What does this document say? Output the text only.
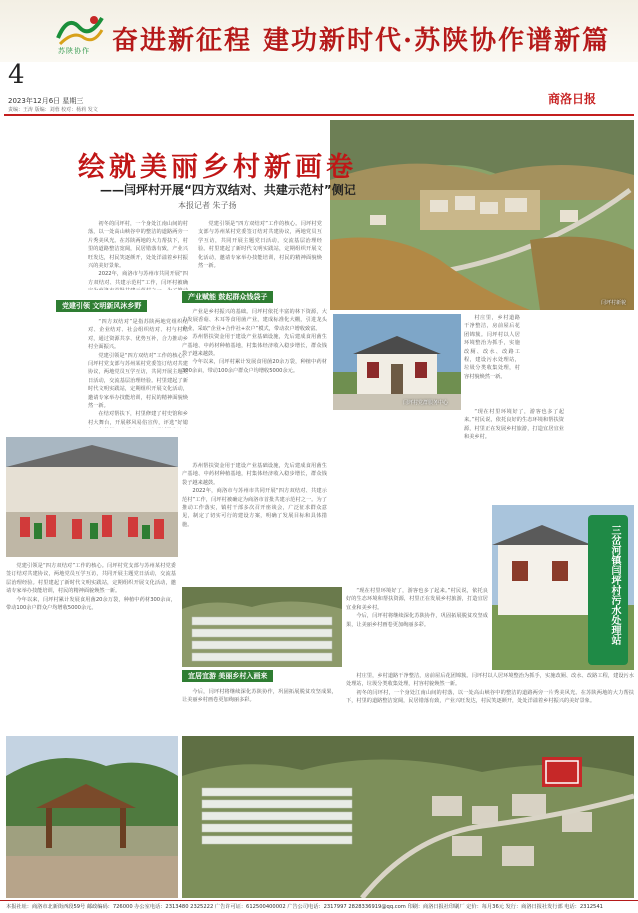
苏陕协作 奋进新征程 建功新时代·苏陕协作谱新篇
4
2023年12月6日 星期三
责编：王涛 版编：刘蓉 校对：杨莉 发文
商洛日报
闫坪村新貌
绘就美丽乡村新画卷
——闫坪村开展“四方双结对、共建示范村”侧记
本报记者 朱子扬

初冬的闫坪村，一个身处江南山间的村落，以一处高山峡谷中的整洁的道路两旁一片秀美风光。在苏陕两地的大力帮扶下，村里的道路整洁宽阔，民居错落有致，产业兴旺发达，村民笑逐颜开，处处洋溢着乡村振兴的美好景象。

2022年，商洛市与苏州市共同开展“四方双结对、共建示范村”工作，闫坪村被确

党建引领 文明新风沐乡野

“四方双结对”是指苏陕两地党组织结对、企业结对、社会组织结对、村与村结对，通过资源共享、优势互补，合力推动乡村全面振兴。

党建引领是“四方双结对”工作的核心。闫坪村党支部与苏州某村党委签订结对共建协议，两地党员互学互访，共同开展主题党日活动，交流基层治理经验。村里建起了新时代文明实践站，定期组织开展文化活动，邀请专家举办技能培训，村民的精神面貌焕然一新。

在结对帮扶下，村里修建了村史馆和乡村大舞台，开展移风易俗宣传，评选“好媳

党建引领是“四方双结对”工作的核心。闫坪村党支部与苏州某村党委签订结对共建协议，两地党员互学互访，共同开展主题党日活动，交流基层治理经验。村里建起了新时代文明实践站，定期组织开展文化活动，邀请专家举办技能培训，村民的精神面貌焕然一新。

产业赋能 鼓起群众钱袋子

产业是乡村振兴的基础。闫坪村依托丰富的林下资源，大力发展香菇、木耳等食用菌产业，建成标准化大棚，引进龙头企业，采取“企业+合作社+农户”模式，带动农户增收致富。

苏州帮扶资金用于建设产业基础设施，先后建成食用菌生产基地、中药材种植基地，村集体经济收入稳步增长，群众钱袋子越来越鼓。

今年以来，闫坪村累计发展食用菌20余万袋，种植中药材300余亩，带动100余户群众户均增收5000余元。

闫坪村党群服务中心

村庄里，乡村道路干净整洁，房前屋后花团锦簇。闫坪村以人居环境整治为抓手，实施改厕、改水、改路工程，建设污水处理站，垃圾分类收集处理，村容村貌焕然一新。

“现在村里环境好了，游客也多了起来。”村民说，依托良好的生态环境和帮扶资源，村里正在发展乡村旅游，打造宜居宜业和美乡村。

苏州帮扶资金用于建设产业基础设施，先后建成食用菌生产基地、中药材种植基地，村集体经济收入稳步增长，群众钱袋子越来越鼓。

2022年，商洛市与苏州市共同开展“四方双结对、共建示范村”工作，闫坪村被确定为商洛市首批共建示范村之一。为了推动工作落实，镇村干部多次召开座谈会，广泛征求群众意见，制定了切实可行的建设方案，明确了发展目标和具体措施。

三岔河镇闫坪村污水处理站

党建引领是“四方双结对”工作的核心。闫坪村党支部与苏州某村党委签订结对共建协议，两地党员互学互访，共同开展主题党日活动，交流基层治理经验。村里建起了新时代文明实践站，定期组织开展文化活动，邀请专家举办技能培训，村民的精神面貌焕然一新。

今年以来，闫坪村累计发展食用菌20余万袋，种植中药材300余亩，带动100余户群众户均增收5000余元。

宜居宜游 美丽乡村入画来

今后，闫坪村将继续深化苏陕协作，巩固拓展脱贫攻坚成果，让美丽乡村画卷更加绚丽多彩。

“现在村里环境好了，游客也多了起来。”村民说，依托良好的生态环境和帮扶资源，村里正在发展乡村旅游，打造宜居宜业和美乡村。

今后，闫坪村将继续深化苏陕协作，巩固拓展脱贫攻坚成果，让美丽乡村画卷更加绚丽多彩。

村庄里，乡村道路干净整洁，房前屋后花团锦簇。闫坪村以人居环境整治为抓手，实施改厕、改水、改路工程，建设污水处理站，垃圾分类收集处理，村容村貌焕然一新。

初冬的闫坪村，一个身处江南山间的村落，以一处高山峡谷中的整洁的道路两旁一片秀美风光。在苏陕两地的大力帮扶下，村里的道路整洁宽阔，民居错落有致，产业兴旺发达，村民笑逐颜开，处处洋溢着乡村振兴的美好景象。

本报社址：商洛市北新街西段59号 邮政编码：726000 办公室电话：2313480 2325222 广告许可证：612500400002 广告公司电话：2317997 2828336919@qq.com 印刷：商洛日报社印刷厂 定价：每月36元 发行：商洛日报社发行部 电话：2312541
